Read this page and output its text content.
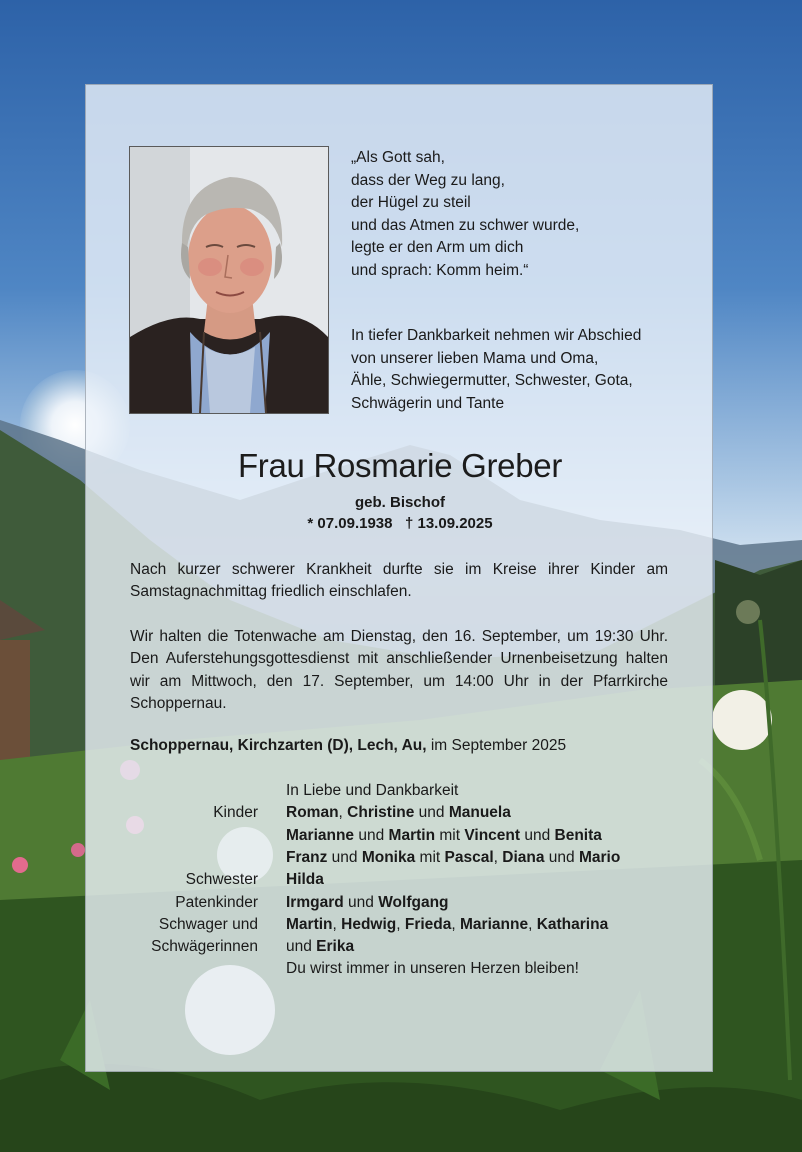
„Als Gott sah,
dass der Weg zu lang,
der Hügel zu steil
und das Atmen zu schwer wurde,
legte er den Arm um dich
und sprach: Komm heim.“
In tiefer Dankbarkeit nehmen wir Abschied
von unserer lieben Mama und Oma,
Ähle, Schwiegermutter, Schwester, Gota,
Schwägerin und Tante
Frau Rosmarie Greber
geb. Bischof
* 07.09.1938   † 13.09.2025
Nach kurzer schwerer Krankheit durfte sie im Kreise ihrer Kinder am Samstagnachmittag friedlich einschlafen.
Wir halten die Totenwache am Dienstag, den 16. September, um 19:30 Uhr. Den Auferstehungsgottesdienst mit anschließender Urnenbeisetzung halten wir am Mittwoch, den 17. September, um 14:00 Uhr in der Pfarrkirche Schoppernau.
Schoppernau, Kirchzarten (D), Lech, Au, im September 2025
In Liebe und Dankbarkeit
Kinder Roman, Christine und Manuela
Marianne und Martin mit Vincent und Benita
Franz und Monika mit Pascal, Diana und Mario
Schwester Hilda
Patenkinder Irmgard und Wolfgang
Schwager und Martin, Hedwig, Frieda, Marianne, Katharina
Schwägerinnen und Erika
Du wirst immer in unseren Herzen bleiben!
